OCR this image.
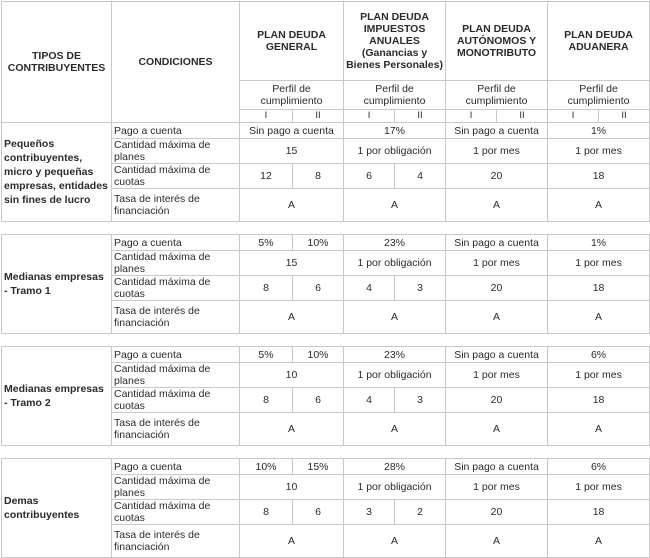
TIPOS DE CONTRIBUYENTES	CONDICIONES	PLAN DEUDA GENERAL		PLAN DEUDA IMPUESTOS ANUALES (Ganancias y Bienes Personales)		PLAN DEUDA AUTÓNOMOS Y MONOTRIBUTO		PLAN DEUDA ADUANERA	
		Perfil de cumplimiento		Perfil de cumplimiento		Perfil de cumplimiento		Perfil de cumplimiento	
		I	II	I	II	I	II	I	II
Pequeños contribuyentes, micro y pequeñas empresas, entidades sin fines de lucro	Pago a cuenta	Sin pago a cuenta		17%		Sin pago a cuenta		1%	
	Cantidad máxima de planes	15		1 por obligación		1 por mes		1 por mes	
	Cantidad máxima de cuotas	12	8	6	4	20		18	
	Tasa de interés de financiación	A		A		A		A	

Medianas empresas - Tramo 1	Pago a cuenta	5%	10%	23%		Sin pago a cuenta		1%	
	Cantidad máxima de planes	15		1 por obligación		1 por mes		1 por mes	
	Cantidad máxima de cuotas	8	6	4	3	20		18	
	Tasa de interés de financiación	A		A		A		A	

Medianas empresas - Tramo 2	Pago a cuenta	5%	10%	23%		Sin pago a cuenta		6%	
	Cantidad máxima de planes	10		1 por obligación		1 por mes		1 por mes	
	Cantidad máxima de cuotas	8	6	4	3	20		18	
	Tasa de interés de financiación	A		A		A		A	

Demas contribuyentes	Pago a cuenta	10%	15%	28%		Sin pago a cuenta		6%	
	Cantidad máxima de planes	10		1 por obligación		1 por mes		1 por mes	
	Cantidad máxima de cuotas	8	6	3	2	20		18	
	Tasa de interés de financiación	A		A		A		A	
